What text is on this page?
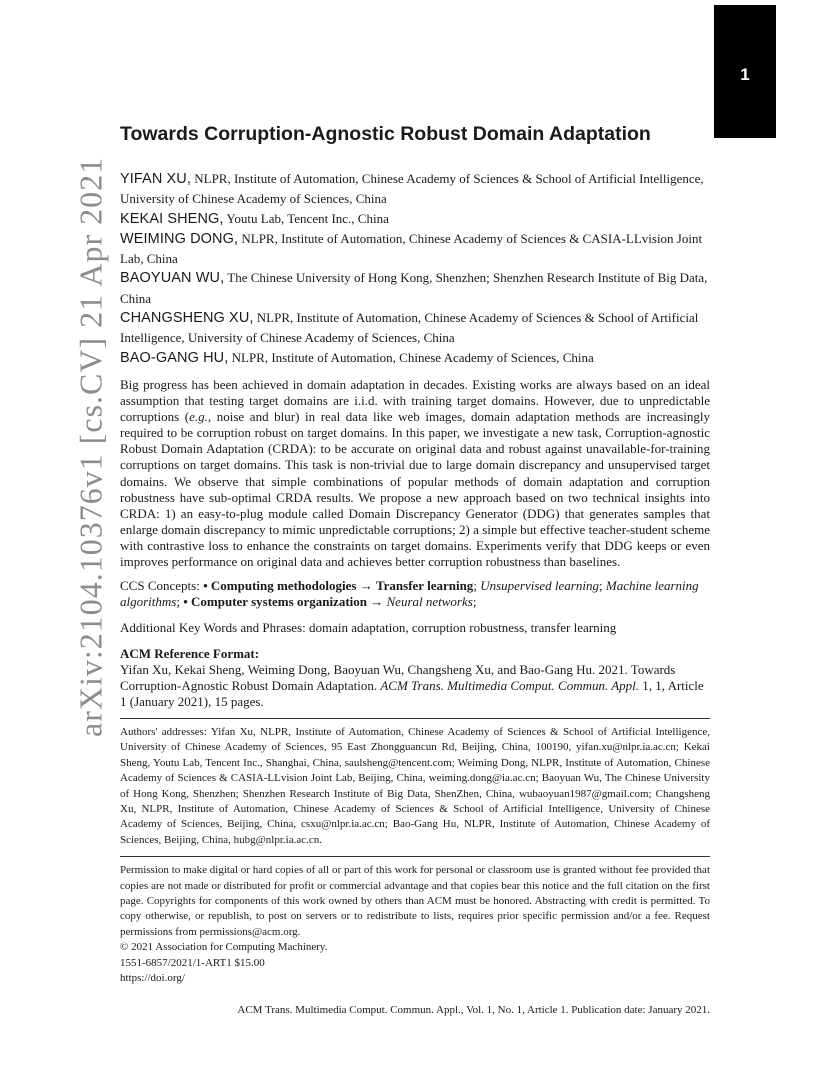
1
arXiv:2104.10376v1 [cs.CV] 21 Apr 2021
Towards Corruption-Agnostic Robust Domain Adaptation
YIFAN XU, NLPR, Institute of Automation, Chinese Academy of Sciences & School of Artificial Intelligence, University of Chinese Academy of Sciences, China
KEKAI SHENG, Youtu Lab, Tencent Inc., China
WEIMING DONG, NLPR, Institute of Automation, Chinese Academy of Sciences & CASIA-LLvision Joint Lab, China
BAOYUAN WU, The Chinese University of Hong Kong, Shenzhen; Shenzhen Research Institute of Big Data, China
CHANGSHENG XU, NLPR, Institute of Automation, Chinese Academy of Sciences & School of Artificial Intelligence, University of Chinese Academy of Sciences, China
BAO-GANG HU, NLPR, Institute of Automation, Chinese Academy of Sciences, China
Big progress has been achieved in domain adaptation in decades. Existing works are always based on an ideal assumption that testing target domains are i.i.d. with training target domains. However, due to unpredictable corruptions (e.g., noise and blur) in real data like web images, domain adaptation methods are increasingly required to be corruption robust on target domains. In this paper, we investigate a new task, Corruption-agnostic Robust Domain Adaptation (CRDA): to be accurate on original data and robust against unavailable-for-training corruptions on target domains. This task is non-trivial due to large domain discrepancy and unsupervised target domains. We observe that simple combinations of popular methods of domain adaptation and corruption robustness have sub-optimal CRDA results. We propose a new approach based on two technical insights into CRDA: 1) an easy-to-plug module called Domain Discrepancy Generator (DDG) that generates samples that enlarge domain discrepancy to mimic unpredictable corruptions; 2) a simple but effective teacher-student scheme with contrastive loss to enhance the constraints on target domains. Experiments verify that DDG keeps or even improves performance on original data and achieves better corruption robustness than baselines.
CCS Concepts: • Computing methodologies → Transfer learning; Unsupervised learning; Machine learning algorithms; • Computer systems organization → Neural networks;
Additional Key Words and Phrases: domain adaptation, corruption robustness, transfer learning
ACM Reference Format:
Yifan Xu, Kekai Sheng, Weiming Dong, Baoyuan Wu, Changsheng Xu, and Bao-Gang Hu. 2021. Towards Corruption-Agnostic Robust Domain Adaptation. ACM Trans. Multimedia Comput. Commun. Appl. 1, 1, Article 1 (January 2021), 15 pages.
Authors' addresses: Yifan Xu, NLPR, Institute of Automation, Chinese Academy of Sciences & School of Artificial Intelligence, University of Chinese Academy of Sciences, 95 East Zhongguancun Rd, Beijing, China, 100190, yifan.xu@nlpr.ia.ac.cn; Kekai Sheng, Youtu Lab, Tencent Inc., Shanghai, China, saulsheng@tencent.com; Weiming Dong, NLPR, Institute of Automation, Chinese Academy of Sciences & CASIA-LLvision Joint Lab, Beijing, China, weiming.dong@ia.ac.cn; Baoyuan Wu, The Chinese University of Hong Kong, Shenzhen; Shenzhen Research Institute of Big Data, ShenZhen, China, wubaoyuan1987@gmail.com; Changsheng Xu, NLPR, Institute of Automation, Chinese Academy of Sciences & School of Artificial Intelligence, University of Chinese Academy of Sciences, Beijing, China, csxu@nlpr.ia.ac.cn; Bao-Gang Hu, NLPR, Institute of Automation, Chinese Academy of Sciences, Beijing, China, hubg@nlpr.ia.ac.cn.
Permission to make digital or hard copies of all or part of this work for personal or classroom use is granted without fee provided that copies are not made or distributed for profit or commercial advantage and that copies bear this notice and the full citation on the first page. Copyrights for components of this work owned by others than ACM must be honored. Abstracting with credit is permitted. To copy otherwise, or republish, to post on servers or to redistribute to lists, requires prior specific permission and/or a fee. Request permissions from permissions@acm.org.
© 2021 Association for Computing Machinery.
1551-6857/2021/1-ART1 $15.00
https://doi.org/
ACM Trans. Multimedia Comput. Commun. Appl., Vol. 1, No. 1, Article 1. Publication date: January 2021.
